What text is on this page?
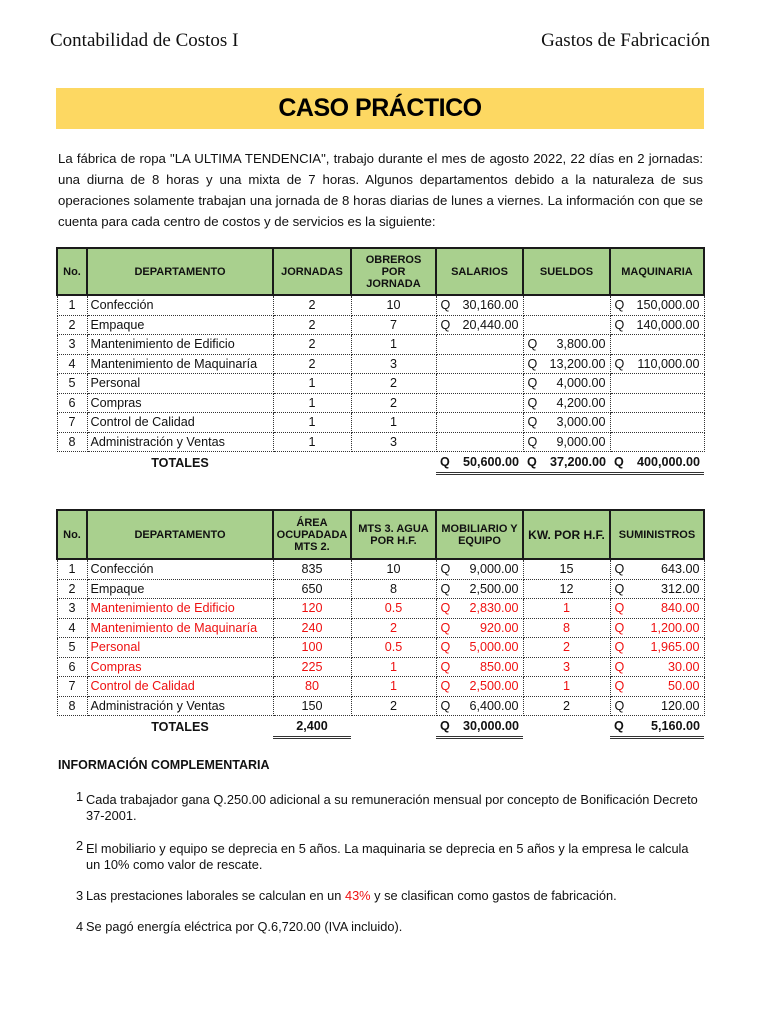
Contabilidad de Costos I	Gastos de Fabricación
CASO PRÁCTICO
La fábrica de ropa "LA ULTIMA TENDENCIA", trabajo durante el mes de agosto 2022, 22 días en 2 jornadas: una diurna de 8 horas y una mixta de 7 horas. Algunos departamentos debido a la naturaleza de sus operaciones solamente trabajan una jornada de 8 horas diarias de lunes a viernes. La información con que se cuenta para cada centro de costos y de servicios es la siguiente:
No.	DEPARTAMENTO	JORNADAS	OBREROS POR JORNADA	SALARIOS	SUELDOS	MAQUINARIA
1	Confección	2	10	Q 30,160.00		Q 150,000.00

2	Empaque	2	7	Q 20,440.00		Q 140,000.00

3	Mantenimiento de Edificio	2	1		Q 3,800.00	

4	Mantenimiento de Maquinaría	2	3		Q 13,200.00	Q 110,000.00

5	Personal	1	2		Q 4,000.00	

6	Compras	1	2		Q 4,200.00	

7	Control de Calidad	1	1		Q 3,000.00	

8	Administración y Ventas	1	3		Q 9,000.00	

	TOTALES			Q 50,600.00	Q 37,200.00	Q 400,000.00
No.	DEPARTAMENTO	ÁREA OCUPADADA MTS 2.	MTS 3. AGUA POR H.F.	MOBILIARIO Y EQUIPO	KW. POR H.F.	SUMINISTROS
1	Confección	835	10	Q 9,000.00	15	Q 643.00

2	Empaque	650	8	Q 2,500.00	12	Q 312.00

3	Mantenimiento de Edificio	120	0.5	Q 2,830.00	1	Q 840.00

4	Mantenimiento de Maquinaría	240	2	Q 920.00	8	Q 1,200.00

5	Personal	100	0.5	Q 5,000.00	2	Q 1,965.00

6	Compras	225	1	Q 850.00	3	Q 30.00

7	Control de Calidad	80	1	Q 2,500.00	1	Q 50.00

8	Administración y Ventas	150	2	Q 6,400.00	2	Q 120.00

	TOTALES	2,400		Q 30,000.00		Q 5,160.00
INFORMACIÓN COMPLEMENTARIA
1 Cada trabajador gana Q.250.00 adicional a su remuneración mensual por concepto de Bonificación Decreto 37-2001.
2 El mobiliario y equipo se deprecia en 5 años. La maquinaria se deprecia en 5 años y la empresa le calcula un 10% como valor de rescate.
3 Las prestaciones laborales se calculan en un 43% y se clasifican como gastos de fabricación.
4 Se pagó energía eléctrica por Q.6,720.00 (IVA incluido).
